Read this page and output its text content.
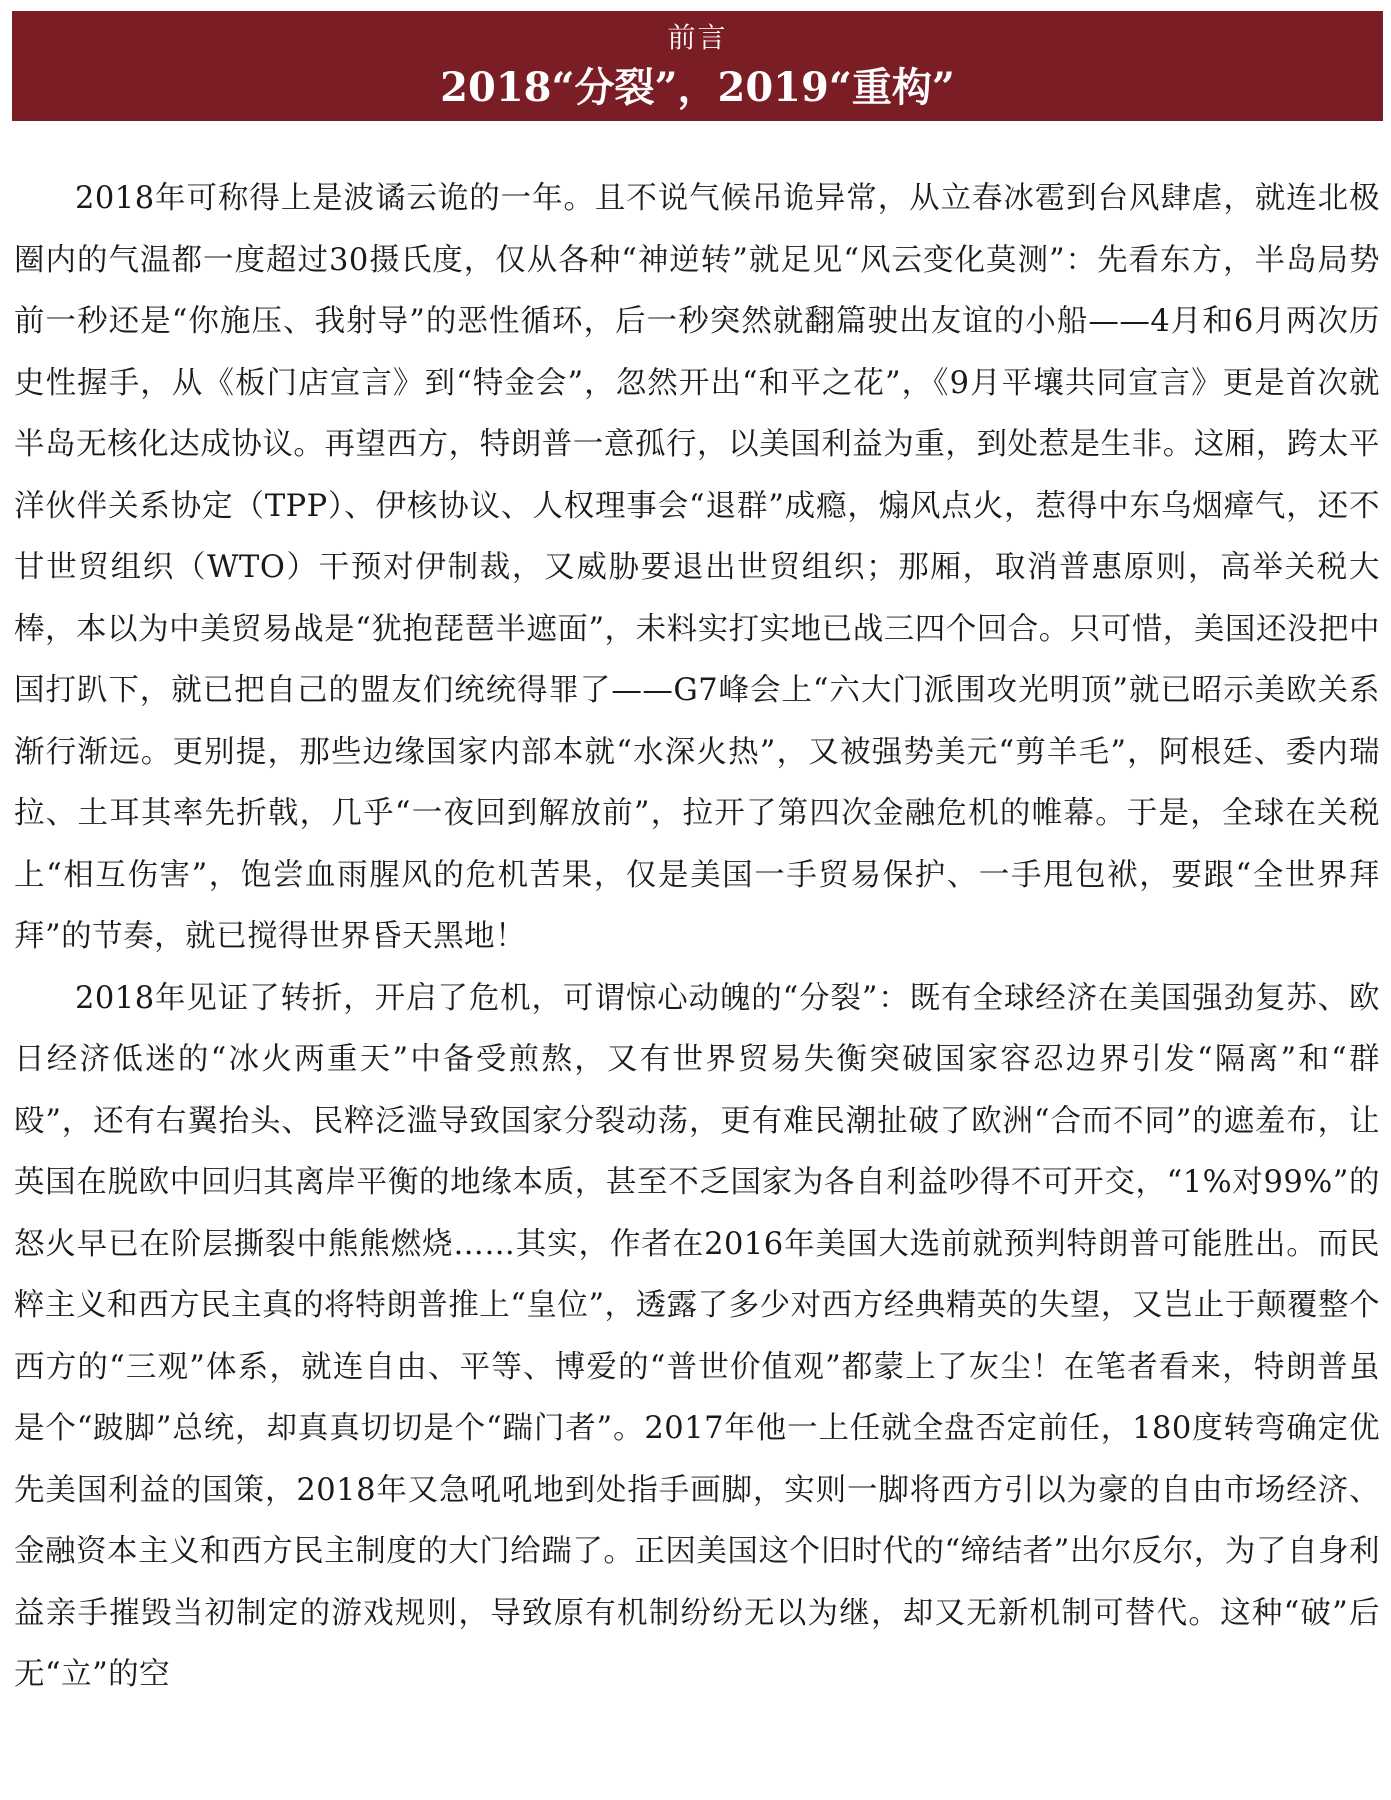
前言
2018“分裂”，2019“重构”

2018年可称得上是波谲云诡的一年。且不说气候吊诡异常，从立春冰雹到台风肆虐，就连北极圈内的气温都一度超过30摄氏度，仅从各种“神逆转”就足见“风云变化莫测”：先看东方，半岛局势前一秒还是“你施压、我射导”的恶性循环，后一秒突然就翻篇驶出友谊的小船——4月和6月两次历史性握手，从《板门店宣言》到“特金会”，忽然开出“和平之花”，《9月平壤共同宣言》更是首次就半岛无核化达成协议。再望西方，特朗普一意孤行，以美国利益为重，到处惹是生非。这厢，跨太平洋伙伴关系协定（TPP）、伊核协议、人权理事会“退群”成瘾，煽风点火，惹得中东乌烟瘴气，还不甘世贸组织（WTO）干预对伊制裁，又威胁要退出世贸组织；那厢，取消普惠原则，高举关税大棒，本以为中美贸易战是“犹抱琵琶半遮面”，未料实打实地已战三四个回合。只可惜，美国还没把中国打趴下，就已把自己的盟友们统统得罪了——G7峰会上“六大门派围攻光明顶”就已昭示美欧关系渐行渐远。更别提，那些边缘国家内部本就“水深火热”，又被强势美元“剪羊毛”，阿根廷、委内瑞拉、土耳其率先折戟，几乎“一夜回到解放前”，拉开了第四次金融危机的帷幕。于是，全球在关税上“相互伤害”，饱尝血雨腥风的危机苦果，仅是美国一手贸易保护、一手甩包袱，要跟“全世界拜拜”的节奏，就已搅得世界昏天黑地！

2018年见证了转折，开启了危机，可谓惊心动魄的“分裂”：既有全球经济在美国强劲复苏、欧日经济低迷的“冰火两重天”中备受煎熬，又有世界贸易失衡突破国家容忍边界引发“隔离”和“群殴”，还有右翼抬头、民粹泛滥导致国家分裂动荡，更有难民潮扯破了欧洲“合而不同”的遮羞布，让英国在脱欧中回归其离岸平衡的地缘本质，甚至不乏国家为各自利益吵得不可开交，“1%对99%”的怒火早已在阶层撕裂中熊熊燃烧……其实，作者在2016年美国大选前就预判特朗普可能胜出。而民粹主义和西方民主真的将特朗普推上“皇位”，透露了多少对西方经典精英的失望，又岂止于颠覆整个西方的“三观”体系，就连自由、平等、博爱的“普世价值观”都蒙上了灰尘！在笔者看来，特朗普虽是个“跛脚”总统，却真真切切是个“踹门者”。2017年他一上任就全盘否定前任，180度转弯确定优先美国利益的国策，2018年又急吼吼地到处指手画脚，实则一脚将西方引以为豪的自由市场经济、金融资本主义和西方民主制度的大门给踹了。正因美国这个旧时代的“缔结者”出尔反尔，为了自身利益亲手摧毁当初制定的游戏规则，导致原有机制纷纷无以为继，却又无新机制可替代。这种“破”后无“立”的空
